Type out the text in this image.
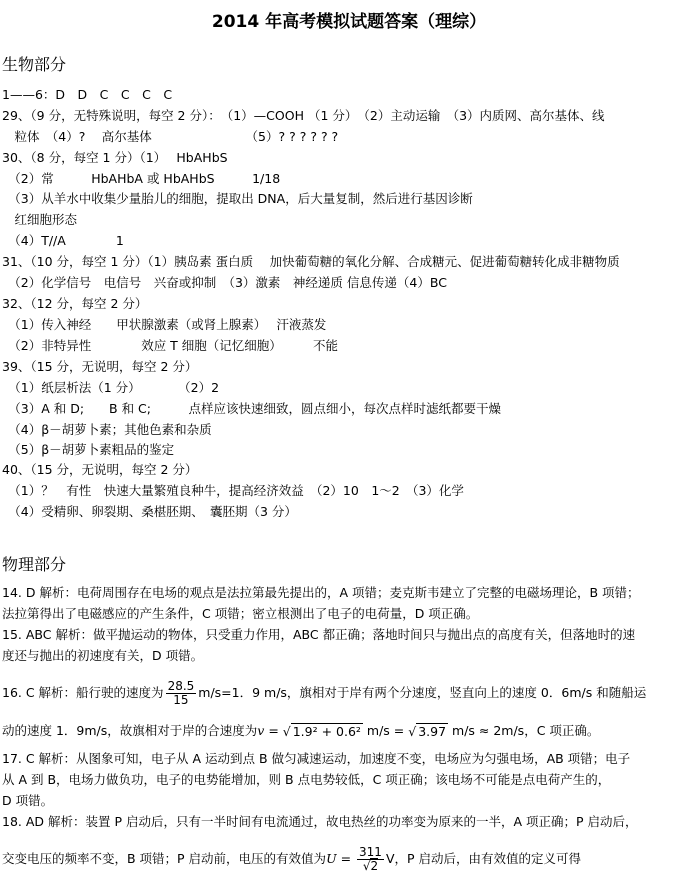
2014 年高考模拟试题答案（理综）
生物部分
1——6：D　D　C　C　C　C
29、（9 分，无特殊说明，每空 2 分）：　（1）—COOH （1 分）　（2）主动运输　（3）内质网、高尔基体、线
　粒体　（4）?　 高尔基体　　　　　　　　（5）? ? ? ? ? ?
30、（8 分，每空 1 分）（1）　 HbAHbS
　（2）常　　　HbAHbA 或 HbAHbS　　　1/18
　（3）从羊水中收集少量胎儿的细胞，提取出 DNA，后大量复制，然后进行基因诊断
　红细胞形态
　（4）T//A　　　　1
31、（10 分，每空 1 分）（1）胰岛素 蛋白质　 加快葡萄糖的氧化分解、合成糖元、促进葡萄糖转化成非糖物质
　（2）化学信号　电信号　兴奋或抑制　（3）激素　神经递质 信息传递（4）BC
32、（12 分，每空 2 分）
　（1）传入神经　　甲状腺激素（或肾上腺素）　 汗液蒸发
　（2）非特异性　　　　效应 T 细胞（记忆细胞）　　　不能
39、（15 分，无说明，每空 2 分）
　（1）纸层析法（1 分）　　　　（2）2
　（3）A 和 D;　　B 和 C;　　　点样应该快速细致，圆点细小，每次点样时滤纸都要干燥
　（4）β－胡萝卜素；其他色素和杂质
　（5）β－胡萝卜素粗品的鉴定
40、（15 分，无说明，每空 2 分）
　（1）？　有性　快速大量繁殖良种牛，提高经济效益　（2）10　1～2　（3）化学
　（4）受精卵、卵裂期、桑椹胚期、　囊胚期（3 分）
物理部分
14. D 解析：电荷周围存在电场的观点是法拉第最先提出的，A 项错；麦克斯韦建立了完整的电磁场理论，B 项错；
法拉第得出了电磁感应的产生条件，C 项错；密立根测出了电子的电荷量，D 项正确。
15. ABC 解析：做平抛运动的物体，只受重力作用，ABC 都正确；落地时间只与抛出点的高度有关，但落地时的速
度还与抛出的初速度有关，D 项错。
16. C 解析：船行驶的速度为 $\frac{28.5}{15} m/s=1$．9 m/s，旗相对于岸有两个分速度，竖直向上的速度 0．6m/s 和随船运
动的速度 1．9m/s，故旗相对于岸的合速度为v = √ 1.9² + 0.6² m/s = √ 3.97 m/s ≈ 2m/s，C 项正确。
17. C 解析：从图象可知，电子从 A 运动到点 B 做匀减速运动，加速度不变，电场应为匀强电场，AB 项错；电子
从 A 到 B，电场力做负功，电子的电势能增加，则 B 点电势较低，C 项正确；该电场不可能是点电荷产生的，
D 项错。
18. AD 解析：装置 P 启动后，只有一半时间有电流通过，故电热丝的功率变为原来的一半，A 项正确；P 启动后，
交变电压的频率不变，B 项错；P 启动前，电压的有效值为$U = \frac{311}{√2}$ V，P 启动后，由有效值的定义可得
